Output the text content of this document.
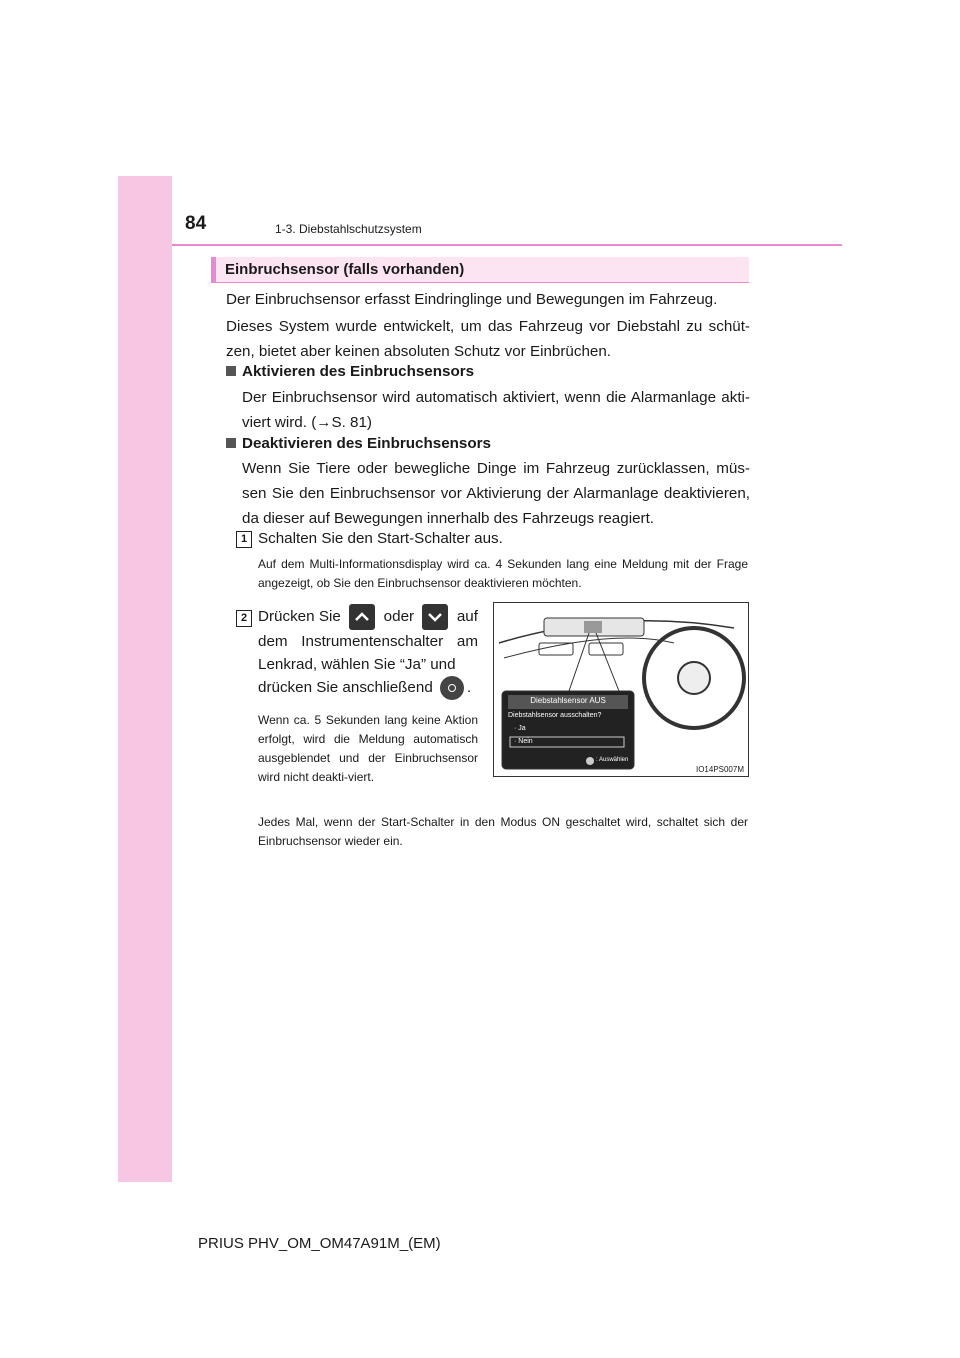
84	1-3. Diebstahlschutzsystem
Einbruchsensor (falls vorhanden)
Der Einbruchsensor erfasst Eindringlinge und Bewegungen im Fahrzeug.
Dieses System wurde entwickelt, um das Fahrzeug vor Diebstahl zu schüt-zen, bietet aber keinen absoluten Schutz vor Einbrüchen.
Aktivieren des Einbruchsensors
Der Einbruchsensor wird automatisch aktiviert, wenn die Alarmanlage akti-viert wird. (→S. 81)
Deaktivieren des Einbruchsensors
Wenn Sie Tiere oder bewegliche Dinge im Fahrzeug zurücklassen, müs-sen Sie den Einbruchsensor vor Aktivierung der Alarmanlage deaktivieren, da dieser auf Bewegungen innerhalb des Fahrzeugs reagiert.
1 Schalten Sie den Start-Schalter aus.
Auf dem Multi-Informationsdisplay wird ca. 4 Sekunden lang eine Meldung mit der Frage angezeigt, ob Sie den Einbruchsensor deaktivieren möchten.
2 Drücken Sie	oder	auf dem Instrumentenschalter am Lenkrad, wählen Sie “Ja” und
drücken Sie anschließend .
Wenn ca. 5 Sekunden lang keine Aktion erfolgt, wird die Meldung automatisch ausgeblendet und der Einbruchsensor wird nicht deakti-viert.
Diebstahlsensor AUS
Diebstahlsensor ausschalten?
· Ja
· Nein
: Auswählen
IO14PS007M
Jedes Mal, wenn der Start-Schalter in den Modus ON geschaltet wird, schaltet sich der Einbruchsensor wieder ein.
PRIUS PHV_OM_OM47A91M_(EM)
